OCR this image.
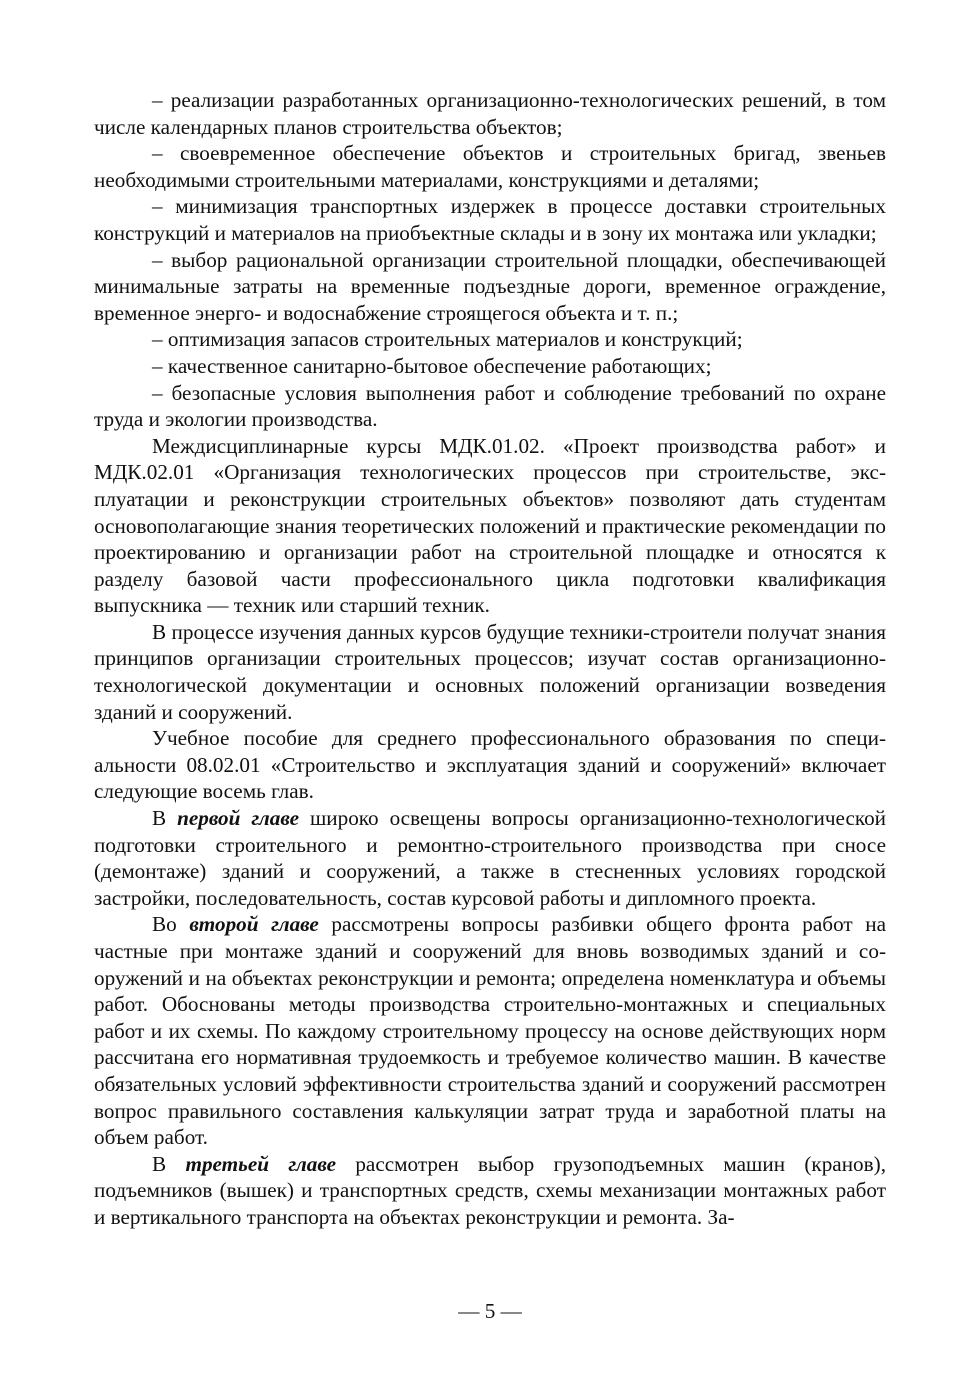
– реализации разработанных организационно-технологических решений, в том числе календарных планов строительства объектов;

– своевременное обеспечение объектов и строительных бригад, звеньев необходимыми строительными материалами, конструкциями и деталями;

– минимизация транспортных издержек в процессе доставки строительных конструкций и материалов на приобъектные склады и в зону их монтажа или укладки;

– выбор рациональной организации строительной площадки, обеспечивающей минимальные затраты на временные подъездные дороги, временное ограждение, временное энерго- и водоснабжение строящегося объекта и т. п.;

– оптимизация запасов строительных материалов и конструкций;

– качественное санитарно-бытовое обеспечение работающих;

– безопасные условия выполнения работ и соблюдение требований по охране труда и экологии производства.

Междисциплинарные курсы МДК.01.02. «Проект производства работ» и МДК.02.01 «Организация технологических процессов при строительстве, эксплуатации и реконструкции строительных объектов» позволяют дать студентам основополагающие знания теоретических положений и практические рекомендации по проектированию и организации работ на строительной площадке и относятся к разделу базовой части профессионального цикла подготовки квалификация выпускника — техник или старший техник.

В процессе изучения данных курсов будущие техники-строители получат знания принципов организации строительных процессов; изучат состав организационно-технологической документации и основных положений организации возведения зданий и сооружений.

Учебное пособие для среднего профессионального образования по специальности 08.02.01 «Строительство и эксплуатация зданий и сооружений» включает следующие восемь глав.

В первой главе широко освещены вопросы организационно-технологической подготовки строительного и ремонтно-строительного производства при сносе (демонтаже) зданий и сооружений, а также в стесненных условиях городской застройки, последовательность, состав курсовой работы и дипломного проекта.

Во второй главе рассмотрены вопросы разбивки общего фронта работ на частные при монтаже зданий и сооружений для вновь возводимых зданий и сооружений и на объектах реконструкции и ремонта; определена номенклатура и объемы работ. Обоснованы методы производства строительно-монтажных и специальных работ и их схемы. По каждому строительному процессу на основе действующих норм рассчитана его нормативная трудоемкость и требуемое количество машин. В качестве обязательных условий эффективности строительства зданий и сооружений рассмотрен вопрос правильного составления калькуляции затрат труда и заработной платы на объем работ.

В третьей главе рассмотрен выбор грузоподъемных машин (кранов), подъемников (вышек) и транспортных средств, схемы механизации монтажных работ и вертикального транспорта на объектах реконструкции и ремонта. За-

— 5 —
